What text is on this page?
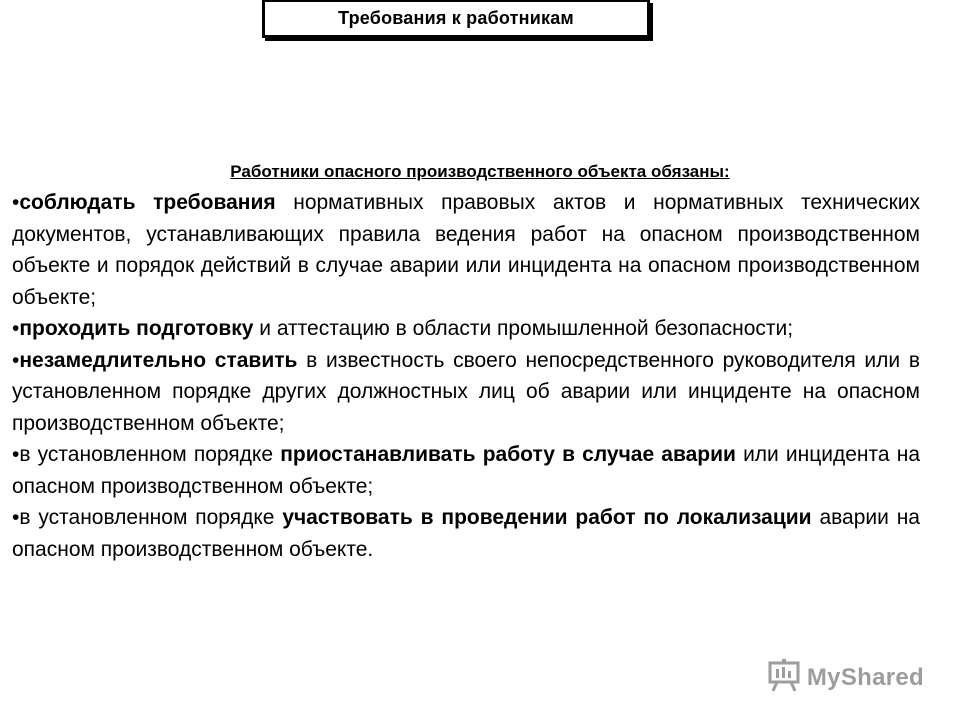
Требования к работникам
Работники опасного производственного объекта обязаны:

•соблюдать требования нормативных правовых актов и нормативных технических документов, устанавливающих правила ведения работ на опасном производственном объекте и порядок действий в случае аварии или инцидента на опасном производственном объекте;

•проходить подготовку и аттестацию в области промышленной безопасности;

•незамедлительно ставить в известность своего непосредственного руководителя или в установленном порядке других должностных лиц об аварии или инциденте на опасном производственном объекте;

•в установленном порядке приостанавливать работу в случае аварии или инцидента на опасном производственном объекте;

•в установленном порядке участвовать в проведении работ по локализации аварии на опасном производственном объекте.

MyShared
